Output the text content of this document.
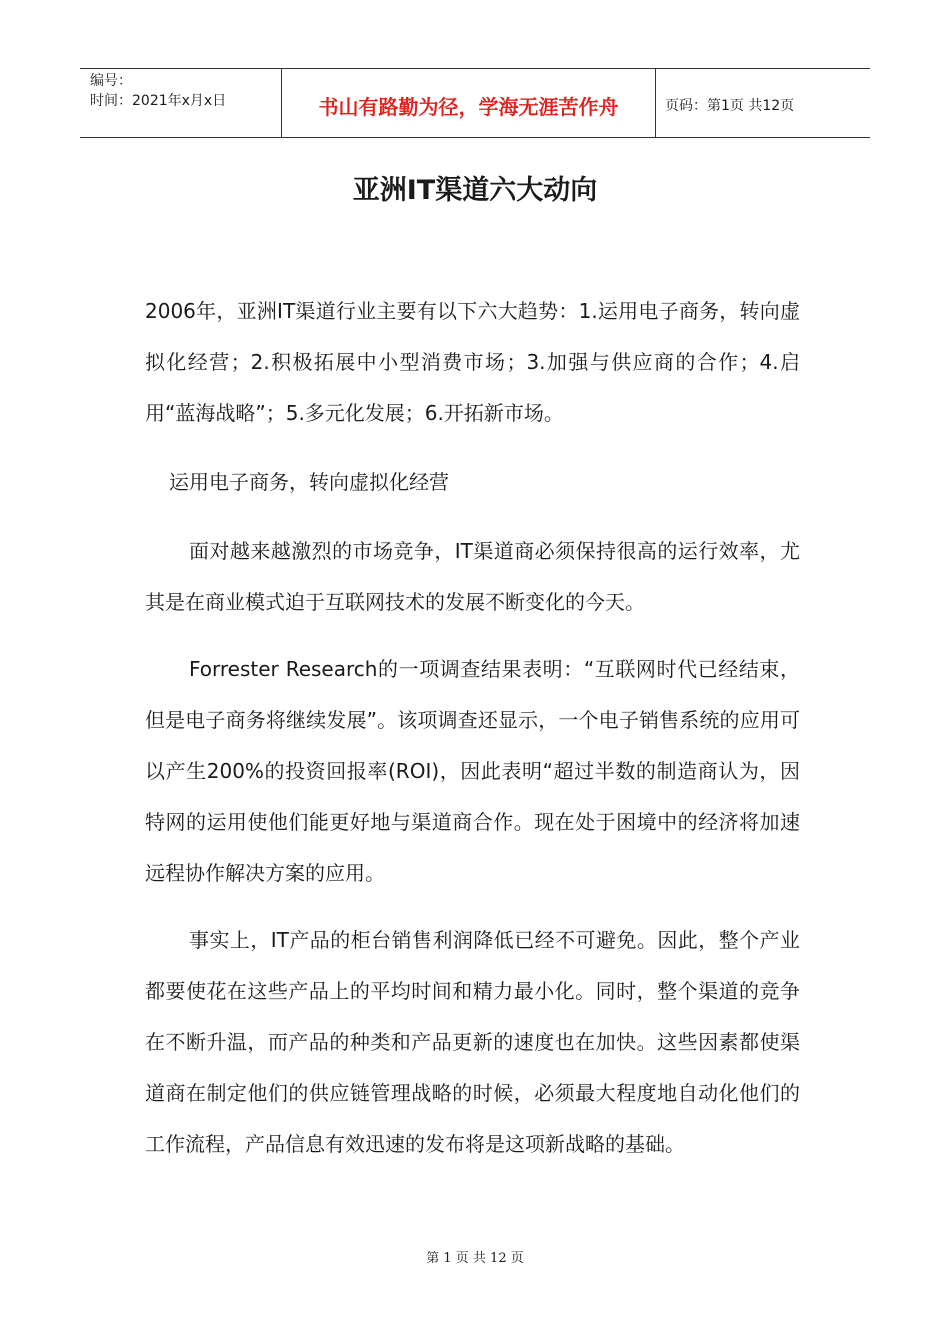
编号：
时间：2021年x月x日	书山有路勤为径，学海无涯苦作舟	页码：第1页 共12页
亚洲IT渠道六大动向

2006年，亚洲IT渠道行业主要有以下六大趋势：1.运用电子商务，转向虚拟化经营；2.积极拓展中小型消费市场；3.加强与供应商的合作；4.启用“蓝海战略”；5.多元化发展；6.开拓新市场。

运用电子商务，转向虚拟化经营

面对越来越激烈的市场竞争，IT渠道商必须保持很高的运行效率，尤其是在商业模式迫于互联网技术的发展不断变化的今天。

Forrester Research的一项调查结果表明：“互联网时代已经结束，但是电子商务将继续发展”。该项调查还显示，一个电子销售系统的应用可以产生200%的投资回报率(ROI)，因此表明“超过半数的制造商认为，因特网的运用使他们能更好地与渠道商合作。现在处于困境中的经济将加速远程协作解决方案的应用。

事实上，IT产品的柜台销售利润降低已经不可避免。因此，整个产业都要使花在这些产品上的平均时间和精力最小化。同时，整个渠道的竞争在不断升温，而产品的种类和产品更新的速度也在加快。这些因素都使渠道商在制定他们的供应链管理战略的时候，必须最大程度地自动化他们的工作流程，产品信息有效迅速的发布将是这项新战略的基础。

第 1 页 共 12 页
